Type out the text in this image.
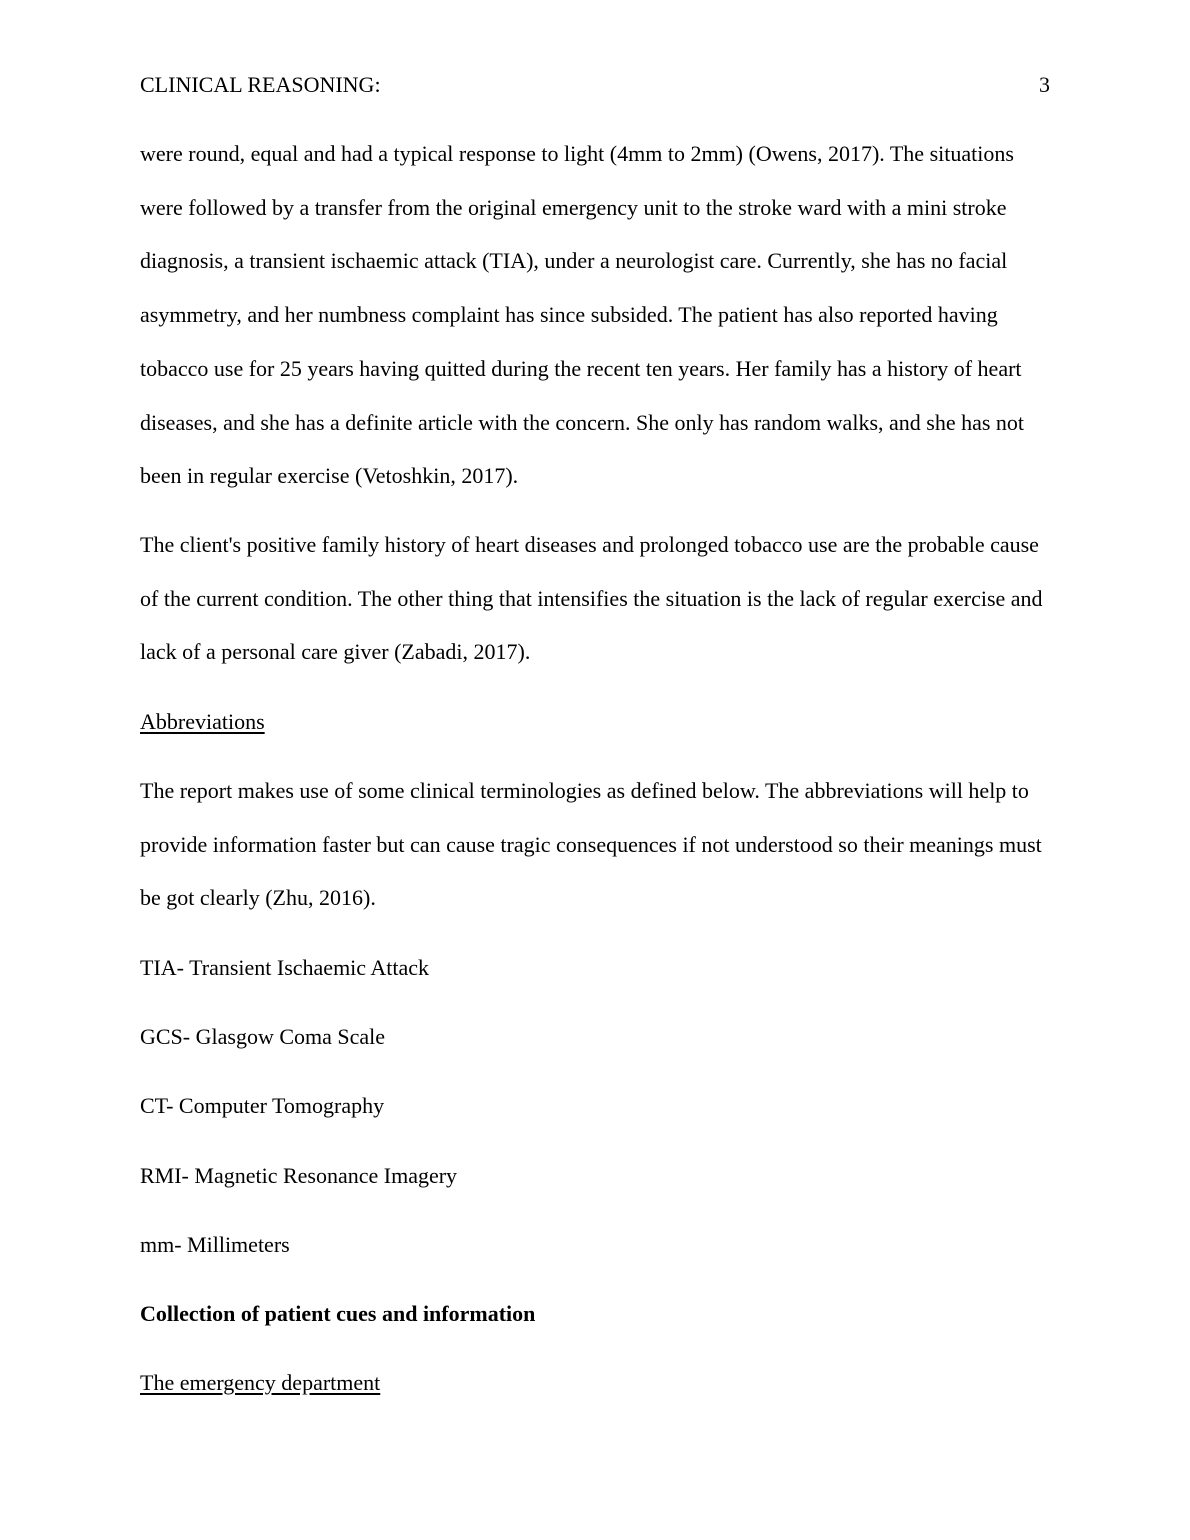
CLINICAL REASONING:	3

were round, equal and had a typical response to light (4mm to 2mm) (Owens, 2017). The situations were followed by a transfer from the original emergency unit to the stroke ward with a mini stroke diagnosis, a transient ischaemic attack (TIA), under a neurologist care. Currently, she has no facial asymmetry, and her numbness complaint has since subsided. The patient has also reported having tobacco use for 25 years having quitted during the recent ten years. Her family has a history of heart diseases, and she has a definite article with the concern. She only has random walks, and she has not been in regular exercise (Vetoshkin, 2017).

The client's positive family history of heart diseases and prolonged tobacco use are the probable cause of the current condition. The other thing that intensifies the situation is the lack of regular exercise and lack of a personal care giver (Zabadi, 2017).

Abbreviations

The report makes use of some clinical terminologies as defined below. The abbreviations will help to provide information faster but can cause tragic consequences if not understood so their meanings must be got clearly (Zhu, 2016).

TIA- Transient Ischaemic Attack
GCS- Glasgow Coma Scale
CT- Computer Tomography
RMI- Magnetic Resonance Imagery
mm- Millimeters
Collection of patient cues and information
The emergency department
